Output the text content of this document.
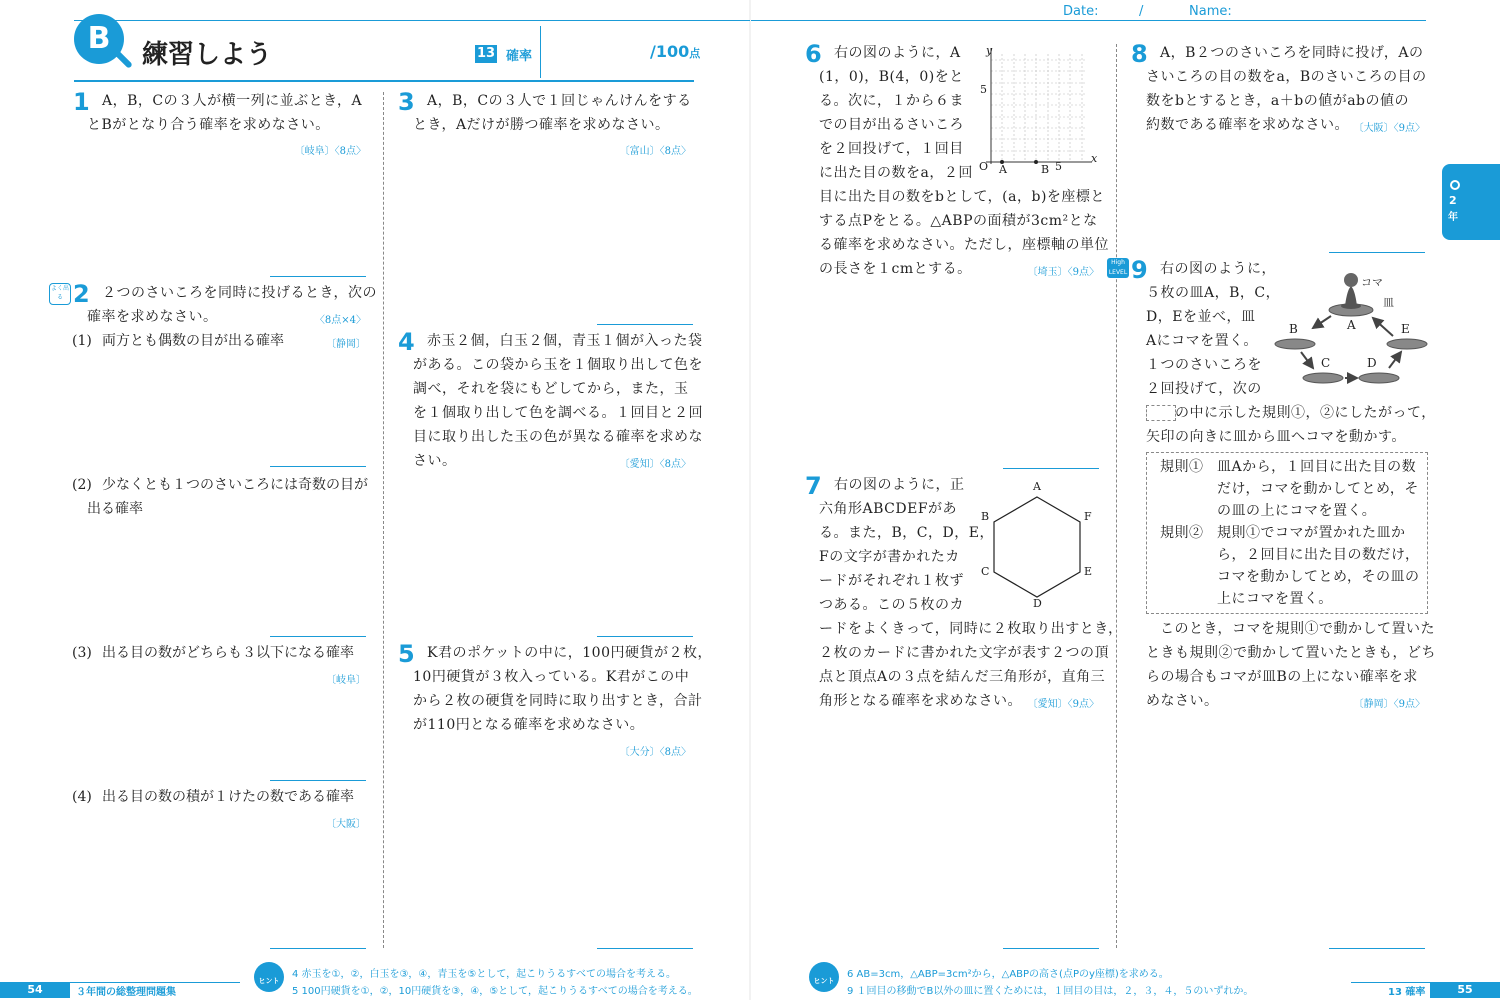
B	練習しよう	13 確率	/100点
1 A，B，Cの３人が横一列に並ぶとき，A
とBがとなり合う確率を求めなさい。
〔岐阜〕〈8点〉
よく出る 2 ２つのさいころを同時に投げるとき，次の
確率を求めなさい。	〈8点×4〉
(1) 両方とも偶数の目が出る確率	〔静岡〕
(2) 少なくとも１つのさいころには奇数の目が
出る確率
(3) 出る目の数がどちらも３以下になる確率
〔岐阜〕
(4) 出る目の数の積が１けたの数である確率
〔大阪〕
3 A，B，Cの３人で１回じゃんけんをする
とき，Aだけが勝つ確率を求めなさい。
〔富山〕〈8点〉
4 赤玉２個，白玉２個，青玉１個が入った袋
がある。この袋から玉を１個取り出して色を
調べ，それを袋にもどしてから，また，玉
を１個取り出して色を調べる。１回目と２回
目に取り出した玉の色が異なる確率を求めな
さい。	〔愛知〕〈8点〉
5 K君のポケットの中に，100円硬貨が２枚，
10円硬貨が３枚入っている。K君がこの中
から２枚の硬貨を同時に取り出すとき，合計
が110円となる確率を求めなさい。
〔大分〕〈8点〉
54	３年間の総整理問題集
ヒント
4 赤玉を①，②，白玉を③，④，青玉を⑤として，起こりうるすべての場合を考える。
5 100円硬貨を①，②，10円硬貨を③，④，⑤として，起こりうるすべての場合を考える。
Date:	/	Name:
6 右の図のように，A
(1，0)，B(4，0)をと
る。次に，１から６ま
での目が出るさいころ
を２回投げて，１回目
に出た目の数をa，２回
目に出た目の数をbとして，(a，b)を座標と
する点Pをとる。△ABPの面積が3cm²とな
る確率を求めなさい。ただし，座標軸の単位
の長さを１cmとする。	〔埼玉〕〈9点〉
y
x
O
5
5
A	B
7 右の図のように，正
六角形ABCDEFがあ
る。また，B，C，D，E，
Fの文字が書かれたカ
ードがそれぞれ１枚ず
つある。この５枚のカ
ードをよくきって，同時に２枚取り出すとき，
２枚のカードに書かれた文字が表す２つの頂
点と頂点Aの３点を結んだ三角形が，直角三
角形となる確率を求めなさい。 〔愛知〕〈9点〉
A
B
C
D
E
F
8 A，B２つのさいころを同時に投げ，Aの
さいころの目の数をa，Bのさいころの目の
数をbとするとき，a＋bの値がabの値の
約数である確率を求めなさい。 〔大阪〕〈9点〉
High LEVEL 9 右の図のように，
５枚の皿A，B，C，
D，Eを並べ，皿
Aにコマを置く。
１つのさいころを
２回投げて，次の
の中に示した規則①，②にしたがって，
矢印の向きに皿から皿へコマを動かす。
コマ
皿
A
B
C	D
E
規則① 皿Aから，１回目に出た目の数
だけ，コマを動かしてとめ，そ
の皿の上にコマを置く。
規則② 規則①でコマが置かれた皿か
ら，２回目に出た目の数だけ，
コマを動かしてとめ，その皿の
上にコマを置く。
このとき，コマを規則①で動かして置いた
ときも規則②で動かして置いたときも，どち
らの場合もコマが皿Bの上にない確率を求
めなさい。	〔静岡〕〈9点〉
2
年
ヒント
6 AB=3cm，△ABP=3cm²から，△ABPの高さ(点Pのy座標)を求める。
9 １回目の移動でB以外の皿に置くためには，１回目の目は，２，３，４，５のいずれか。	13 確率	55
